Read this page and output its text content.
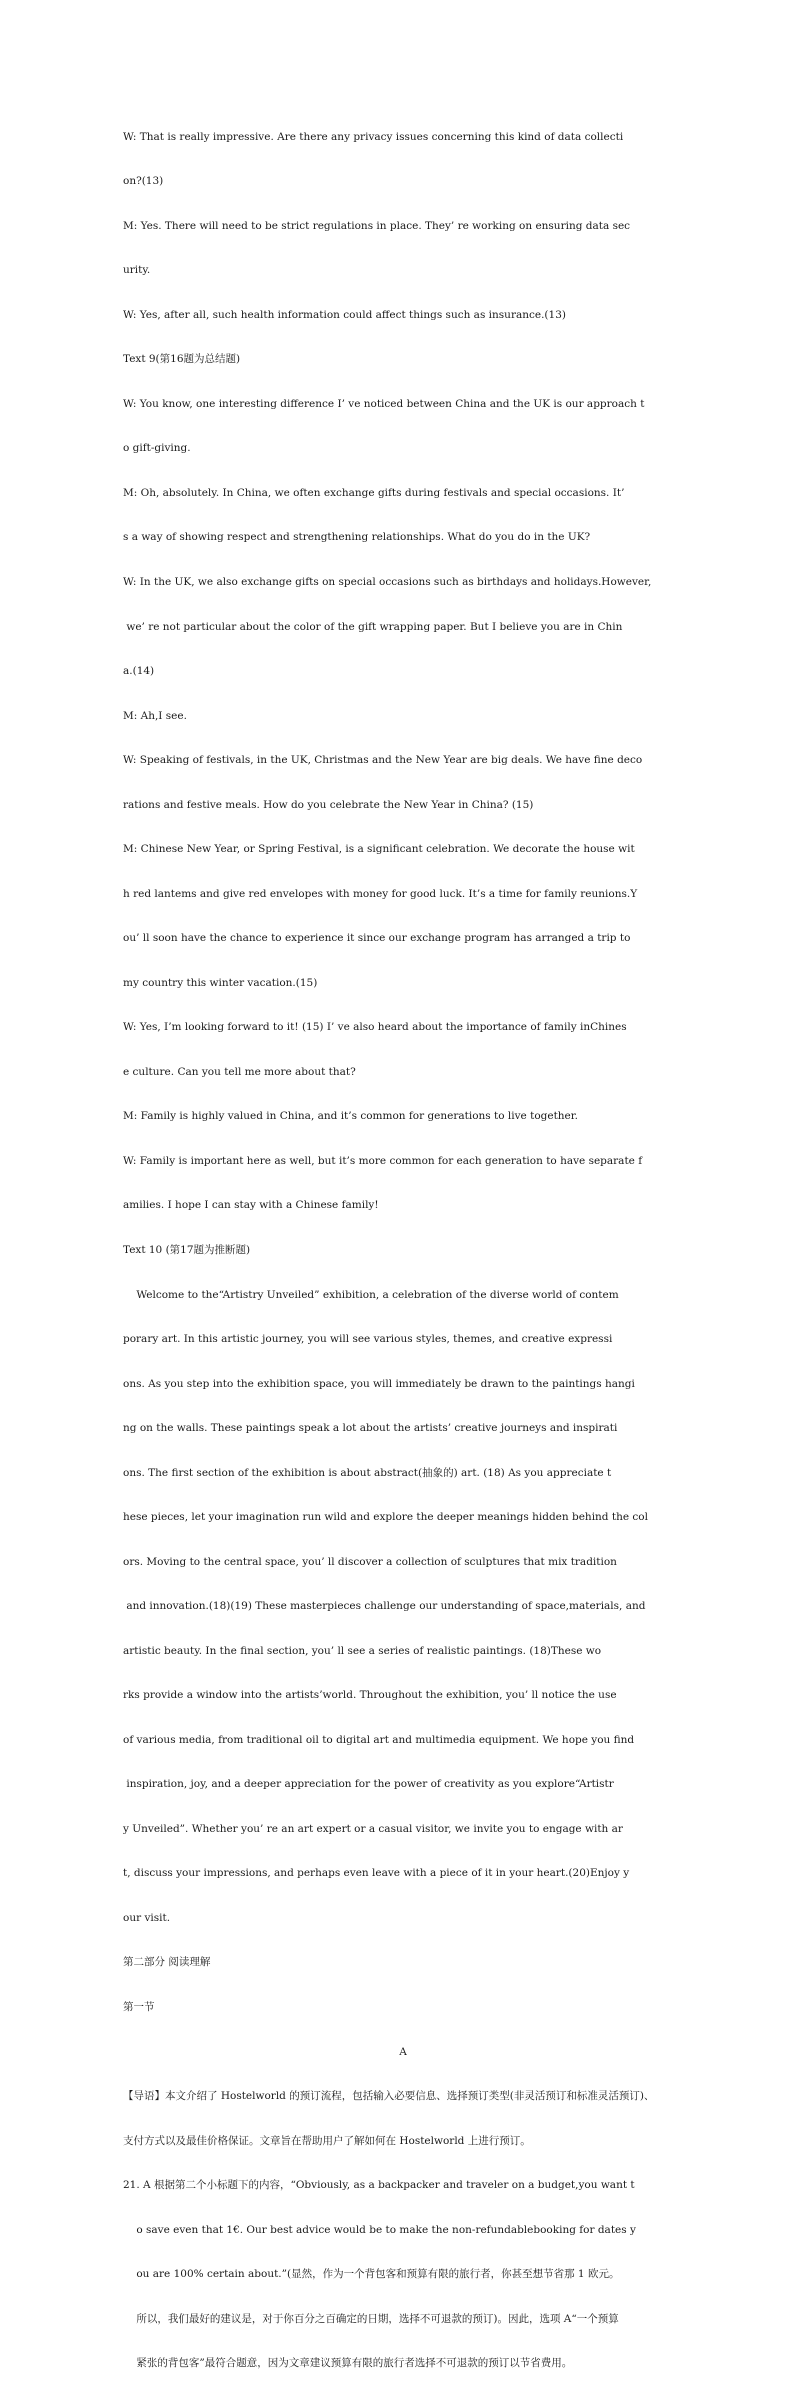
W: That is really impressive. Are there any privacy issues concerning this kind of data collecti

on?(13)

M: Yes. There will need to be strict regulations in place. They’ re working on ensuring data sec

urity.

W: Yes, after all, such health information could affect things such as insurance.(13)

Text 9(第16题为总结题)

W: You know, one interesting difference I’ ve noticed between China and the UK is our approach t

o gift-giving.

M: Oh, absolutely. In China, we often exchange gifts during festivals and special occasions. It’

s a way of showing respect and strengthening relationships. What do you do in the UK?

W: In the UK, we also exchange gifts on special occasions such as birthdays and holidays.However,

we’ re not particular about the color of the gift wrapping paper. But I believe you are in Chin

a.(14)

M: Ah,I see.

W: Speaking of festivals, in the UK, Christmas and the New Year are big deals. We have fine deco

rations and festive meals. How do you celebrate the New Year in China? (15)

M: Chinese New Year, or Spring Festival, is a significant celebration. We decorate the house wit

h red lantems and give red envelopes with money for good luck. It’s a time for family reunions.Y

ou’ ll soon have the chance to experience it since our exchange program has arranged a trip to

my country this winter vacation.(15)

W: Yes, I’m looking forward to it! (15) I’ ve also heard about the importance of family inChines

e culture. Can you tell me more about that?

M: Family is highly valued in China, and it’s common for generations to live together.

W: Family is important here as well, but it’s more common for each generation to have separate f

amilies. I hope I can stay with a Chinese family!

Text 10 (第17题为推断题)

Welcome to the“Artistry Unveiled” exhibition, a celebration of the diverse world of contem

porary art. In this artistic journey, you will see various styles, themes, and creative expressi

ons. As you step into the exhibition space, you will immediately be drawn to the paintings hangi

ng on the walls. These paintings speak a lot about the artists’ creative journeys and inspirati

ons. The first section of the exhibition is about abstract(抽象的) art. (18) As you appreciate t

hese pieces, let your imagination run wild and explore the deeper meanings hidden behind the col

ors. Moving to the central space, you’ ll discover a collection of sculptures that mix tradition

and innovation.(18)(19) These masterpieces challenge our understanding of space,materials, and

artistic beauty. In the final section, you’ ll see a series of realistic paintings. (18)These wo

rks provide a window into the artists’world. Throughout the exhibition, you’ ll notice the use

of various media, from traditional oil to digital art and multimedia equipment. We hope you find

inspiration, joy, and a deeper appreciation for the power of creativity as you explore“Artistr

y Unveiled”. Whether you’ re an art expert or a casual visitor, we invite you to engage with ar

t, discuss your impressions, and perhaps even leave with a piece of it in your heart.(20)Enjoy y

our visit.

第二部分 阅读理解

第一节

A

【导语】本文介绍了 Hostelworld 的预订流程，包括输入必要信息、选择预订类型(非灵活预订和标准灵活预订)、

支付方式以及最佳价格保证。文章旨在帮助用户了解如何在 Hostelworld 上进行预订。

21. A 根据第二个小标题下的内容，“Obviously, as a backpacker and traveler on a budget,you want t

o save even that 1€. Our best advice would be to make the non-refundablebooking for dates y

ou are 100% certain about.”(显然，作为一个背包客和预算有限的旅行者，你甚至想节省那 1 欧元。

所以，我们最好的建议是，对于你百分之百确定的日期，选择不可退款的预订)。因此，选项 A“一个预算

紧张的背包客”最符合题意，因为文章建议预算有限的旅行者选择不可退款的预订以节省费用。
